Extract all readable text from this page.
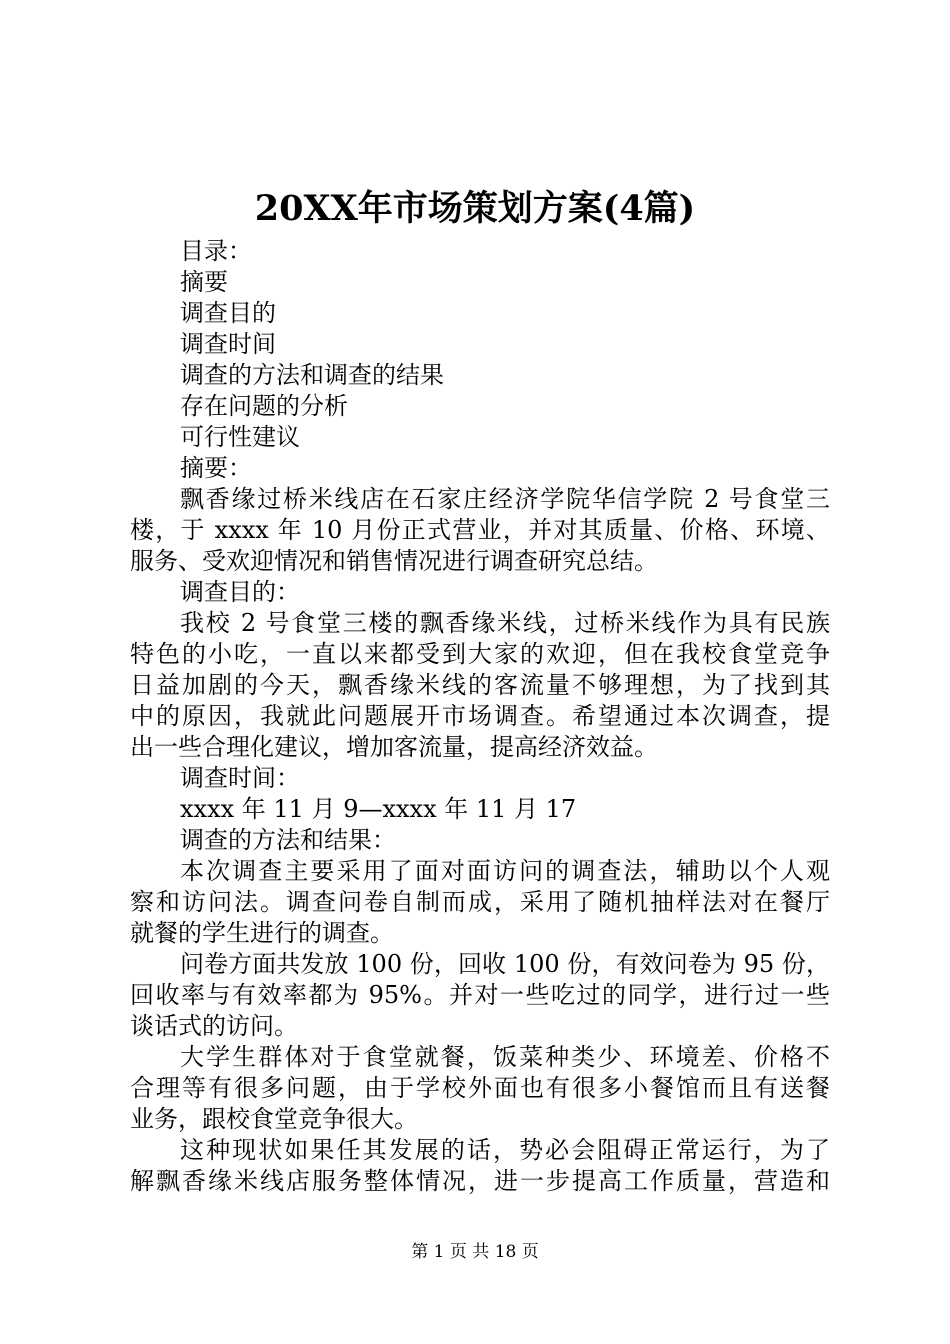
20XX年市场策划方案(4篇)
目录：
摘要
调查目的
调查时间
调查的方法和调查的结果
存在问题的分析
可行性建议
摘要：
飘香缘过桥米线店在石家庄经济学院华信学院 2 号食堂三
楼，于 xxxx 年 10 月份正式营业，并对其质量、价格、环境、
服务、受欢迎情况和销售情况进行调查研究总结。
调查目的：
我校 2 号食堂三楼的飘香缘米线，过桥米线作为具有民族
特色的小吃，一直以来都受到大家的欢迎，但在我校食堂竞争
日益加剧的今天，飘香缘米线的客流量不够理想，为了找到其
中的原因，我就此问题展开市场调查。希望通过本次调查，提
出一些合理化建议，增加客流量，提高经济效益。
调查时间：
xxxx 年 11 月 9—xxxx 年 11 月 17
调查的方法和结果：
本次调查主要采用了面对面访问的调查法，辅助以个人观
察和访问法。调查问卷自制而成，采用了随机抽样法对在餐厅
就餐的学生进行的调查。
问卷方面共发放 100 份，回收 100 份，有效问卷为 95 份，
回收率与有效率都为 95%。并对一些吃过的同学，进行过一些
谈话式的访问。
大学生群体对于食堂就餐，饭菜种类少、环境差、价格不
合理等有很多问题，由于学校外面也有很多小餐馆而且有送餐
业务，跟校食堂竞争很大。
这种现状如果任其发展的话，势必会阻碍正常运行，为了
解飘香缘米线店服务整体情况，进一步提高工作质量，营造和
第 1 页 共 18 页
